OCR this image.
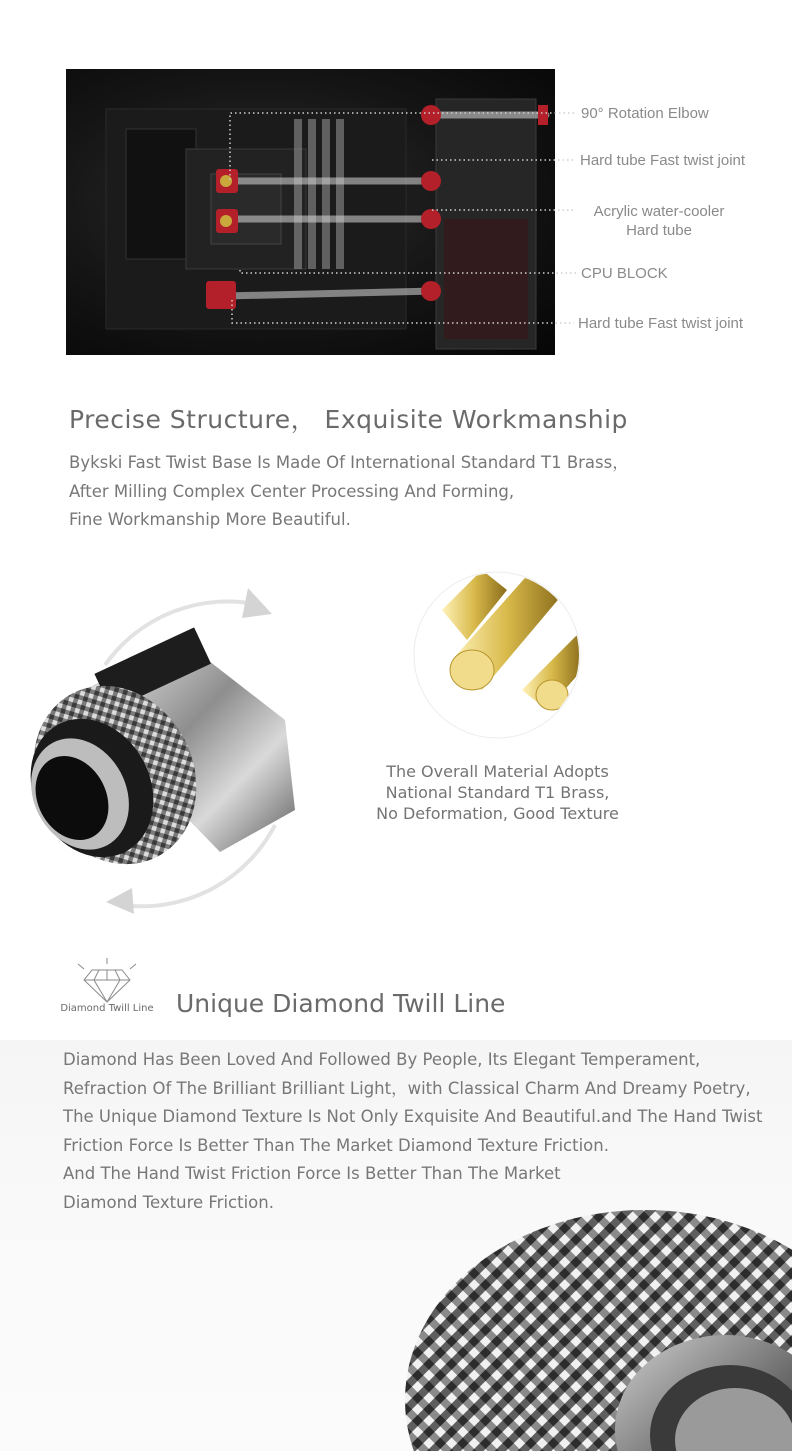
90° Rotation Elbow
Hard tube Fast twist joint
Acrylic water-cooler
Hard tube
CPU BLOCK
Hard tube Fast twist joint
Precise Structure， Exquisite Workmanship
Bykski Fast Twist Base Is Made Of International Standard T1 Brass，
After Milling Complex Center Processing And Forming,
Fine Workmanship More Beautiful.
The Overall Material Adopts
National Standard T1 Brass,
No Deformation, Good Texture
Diamond Twill Line Unique Diamond Twill Line
Diamond Has Been Loved And Followed By People, Its Elegant Temperament,
Refraction Of The Brilliant Brilliant Light，with Classical Charm And Dreamy Poetry,
The Unique Diamond Texture Is Not Only Exquisite And Beautiful.and The Hand Twist
Friction Force Is Better Than The Market Diamond Texture Friction.
And The Hand Twist Friction Force Is Better Than The Market
Diamond Texture Friction.
